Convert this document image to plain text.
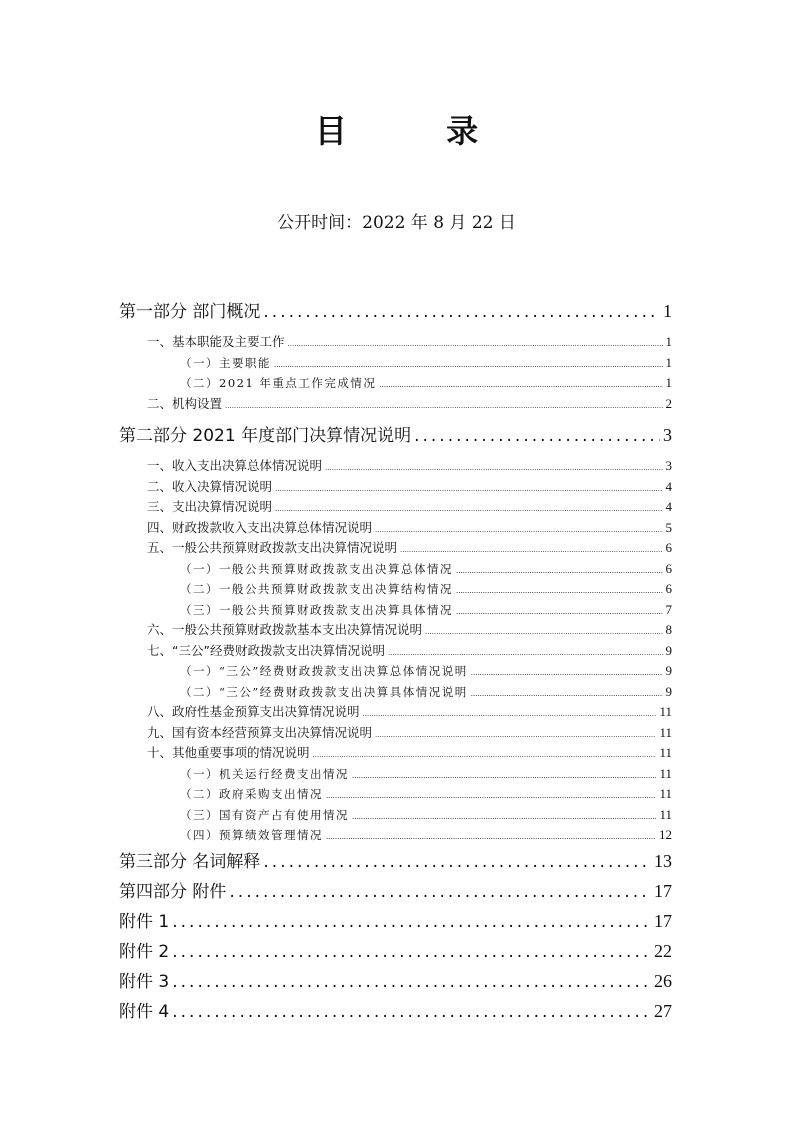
目 录
公开时间：2022 年 8 月 22 日
第一部分 部门概况 .....	1
一、基本职能及主要工作 .....	1
（一）主要职能 .....	1
（二）2021 年重点工作完成情况 .....	1
二、机构设置 .....	2
第二部分 2021 年度部门决算情况说明 .....	3
一、收入支出决算总体情况说明 .....	3
二、收入决算情况说明 .....	4
三、支出决算情况说明 .....	4
四、财政拨款收入支出决算总体情况说明 .....	5
五、一般公共预算财政拨款支出决算情况说明 .....	6
（一）一般公共预算财政拨款支出决算总体情况 .....	6
（二）一般公共预算财政拨款支出决算结构情况 .....	6
（三）一般公共预算财政拨款支出决算具体情况 .....	7
六、一般公共预算财政拨款基本支出决算情况说明 .....	8
七、“三公”经费财政拨款支出决算情况说明 .....	9
（一）“三公”经费财政拨款支出决算总体情况说明 .....	9
（二）“三公”经费财政拨款支出决算具体情况说明 .....	9
八、政府性基金预算支出决算情况说明 .....	11
九、国有资本经营预算支出决算情况说明 .....	11
十、其他重要事项的情况说明 .....	11
（一）机关运行经费支出情况 .....	11
（二）政府采购支出情况 .....	11
（三）国有资产占有使用情况 .....	11
（四）预算绩效管理情况 .....	12
第三部分 名词解释 .....	13
第四部分 附件 .....	17
附件 1 .....	17
附件 2 .....	22
附件 3 .....	26
附件 4 .....	27
